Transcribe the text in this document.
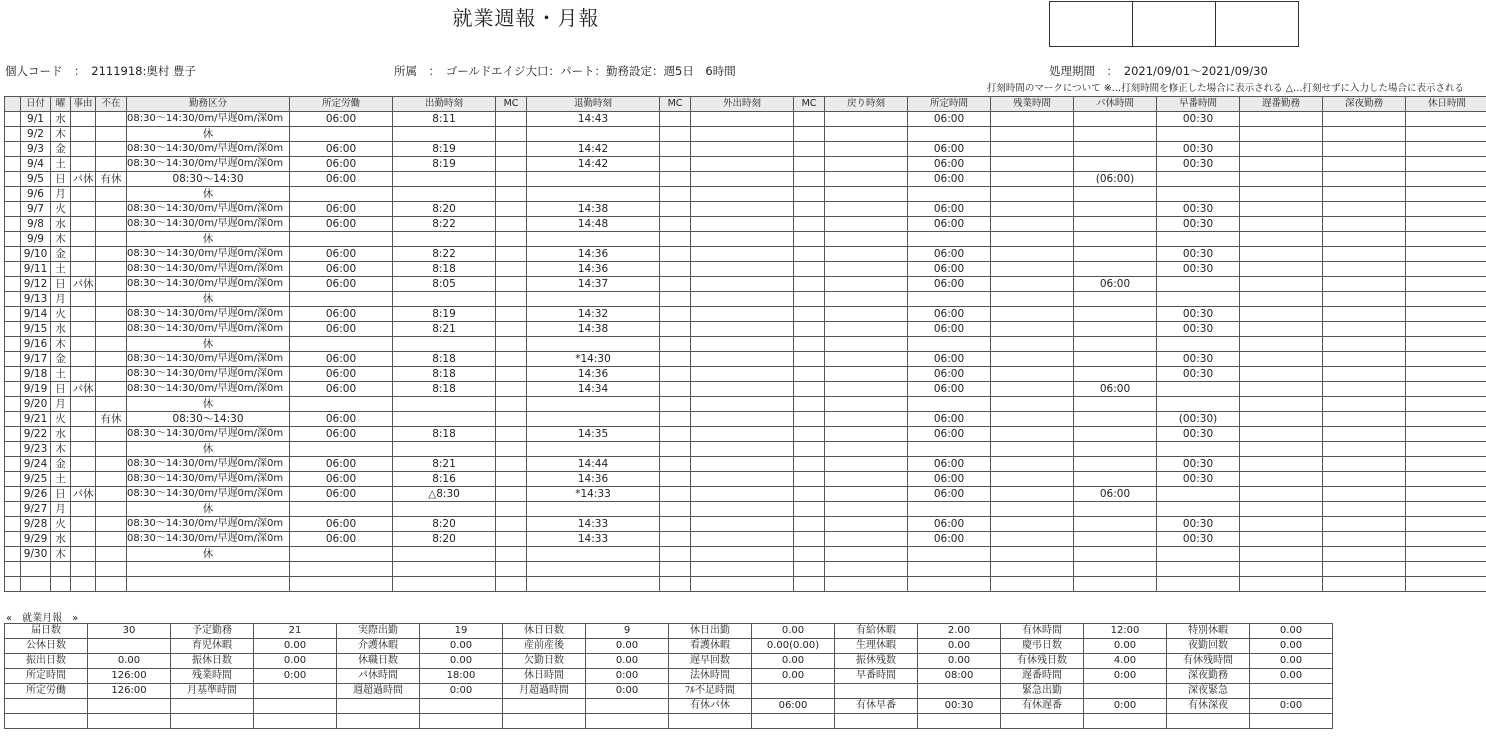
就業週報・月報

個人コード　：　2111918:奥村 豊子	所属　：　ゴールドエイジ大口：パート：勤務設定：週5日　6時間	処理期間　：　2021/09/01～2021/09/30
打刻時間のマークについて ※…打刻時間を修正した場合に表示される △…打刻せずに入力した場合に表示される
	日付	曜	事由	不在	勤務区分	所定労働	出勤時刻	MC	退勤時刻	MC	外出時刻	MC	戻り時刻	所定時間	残業時間	パ休時間	早番時間	遅番勤務	深夜勤務	休日時間
	9/1	水			08:30～14:30/0m/早遅0m/深0m	06:00	8:11		14:43					06:00			00:30			
	9/2	木			休															
	9/3	金			08:30～14:30/0m/早遅0m/深0m	06:00	8:19		14:42					06:00			00:30			
	9/4	土			08:30～14:30/0m/早遅0m/深0m	06:00	8:19		14:42					06:00			00:30			
	9/5	日	パ休	有休	08:30～14:30	06:00								06:00		(06:00)				
	9/6	月			休															
	9/7	火			08:30～14:30/0m/早遅0m/深0m	06:00	8:20		14:38					06:00			00:30			
	9/8	水			08:30～14:30/0m/早遅0m/深0m	06:00	8:22		14:48					06:00			00:30			
	9/9	木			休															
	9/10	金			08:30～14:30/0m/早遅0m/深0m	06:00	8:22		14:36					06:00			00:30			
	9/11	土			08:30～14:30/0m/早遅0m/深0m	06:00	8:18		14:36					06:00			00:30			
	9/12	日	パ休		08:30～14:30/0m/早遅0m/深0m	06:00	8:05		14:37					06:00		06:00				
	9/13	月			休															
	9/14	火			08:30～14:30/0m/早遅0m/深0m	06:00	8:19		14:32					06:00			00:30			
	9/15	水			08:30～14:30/0m/早遅0m/深0m	06:00	8:21		14:38					06:00			00:30			
	9/16	木			休															
	9/17	金			08:30～14:30/0m/早遅0m/深0m	06:00	8:18		*14:30					06:00			00:30			
	9/18	土			08:30～14:30/0m/早遅0m/深0m	06:00	8:18		14:36					06:00			00:30			
	9/19	日	パ休		08:30～14:30/0m/早遅0m/深0m	06:00	8:18		14:34					06:00		06:00				
	9/20	月			休															
	9/21	火		有休	08:30～14:30	06:00								06:00			(00:30)			
	9/22	水			08:30～14:30/0m/早遅0m/深0m	06:00	8:18		14:35					06:00			00:30			
	9/23	木			休															
	9/24	金			08:30～14:30/0m/早遅0m/深0m	06:00	8:21		14:44					06:00			00:30			
	9/25	土			08:30～14:30/0m/早遅0m/深0m	06:00	8:16		14:36					06:00			00:30			
	9/26	日	パ休		08:30～14:30/0m/早遅0m/深0m	06:00	△8:30		*14:33					06:00		06:00				
	9/27	月			休															
	9/28	火			08:30～14:30/0m/早遅0m/深0m	06:00	8:20		14:33					06:00			00:30			
	9/29	水			08:30～14:30/0m/早遅0m/深0m	06:00	8:20		14:33					06:00			00:30			
	9/30	木			休															

«　就業月報　»
届日数	30	予定勤務	21	実際出勤	19	休日日数	9	休日出勤	0.00	有給休暇	2.00	有休時間	12:00	特別休暇	0.00
公休日数		育児休暇	0.00	介護休暇	0.00	産前産後	0.00	看護休暇	0.00(0.00)	生理休暇	0.00	慶弔日数	0.00	夜勤回数	0.00
振出日数	0.00	振休日数	0.00	休職日数	0.00	欠勤日数	0.00	遅早回数	0.00	振休残数	0.00	有休残日数	4.00	有休残時間	0.00
所定時間	126:00	残業時間	0:00	パ休時間	18:00	休日時間	0:00	法休時間	0.00	早番時間	08:00	遅番時間	0:00	深夜勤務	0.00
所定労働	126:00	月基準時間		週超過時間	0:00	月超過時間	0:00	ﾌﾙ不足時間				緊急出勤		深夜緊急	
								有休パ休	06:00	有休早番	00:30	有休遅番	0:00	有休深夜	0:00
